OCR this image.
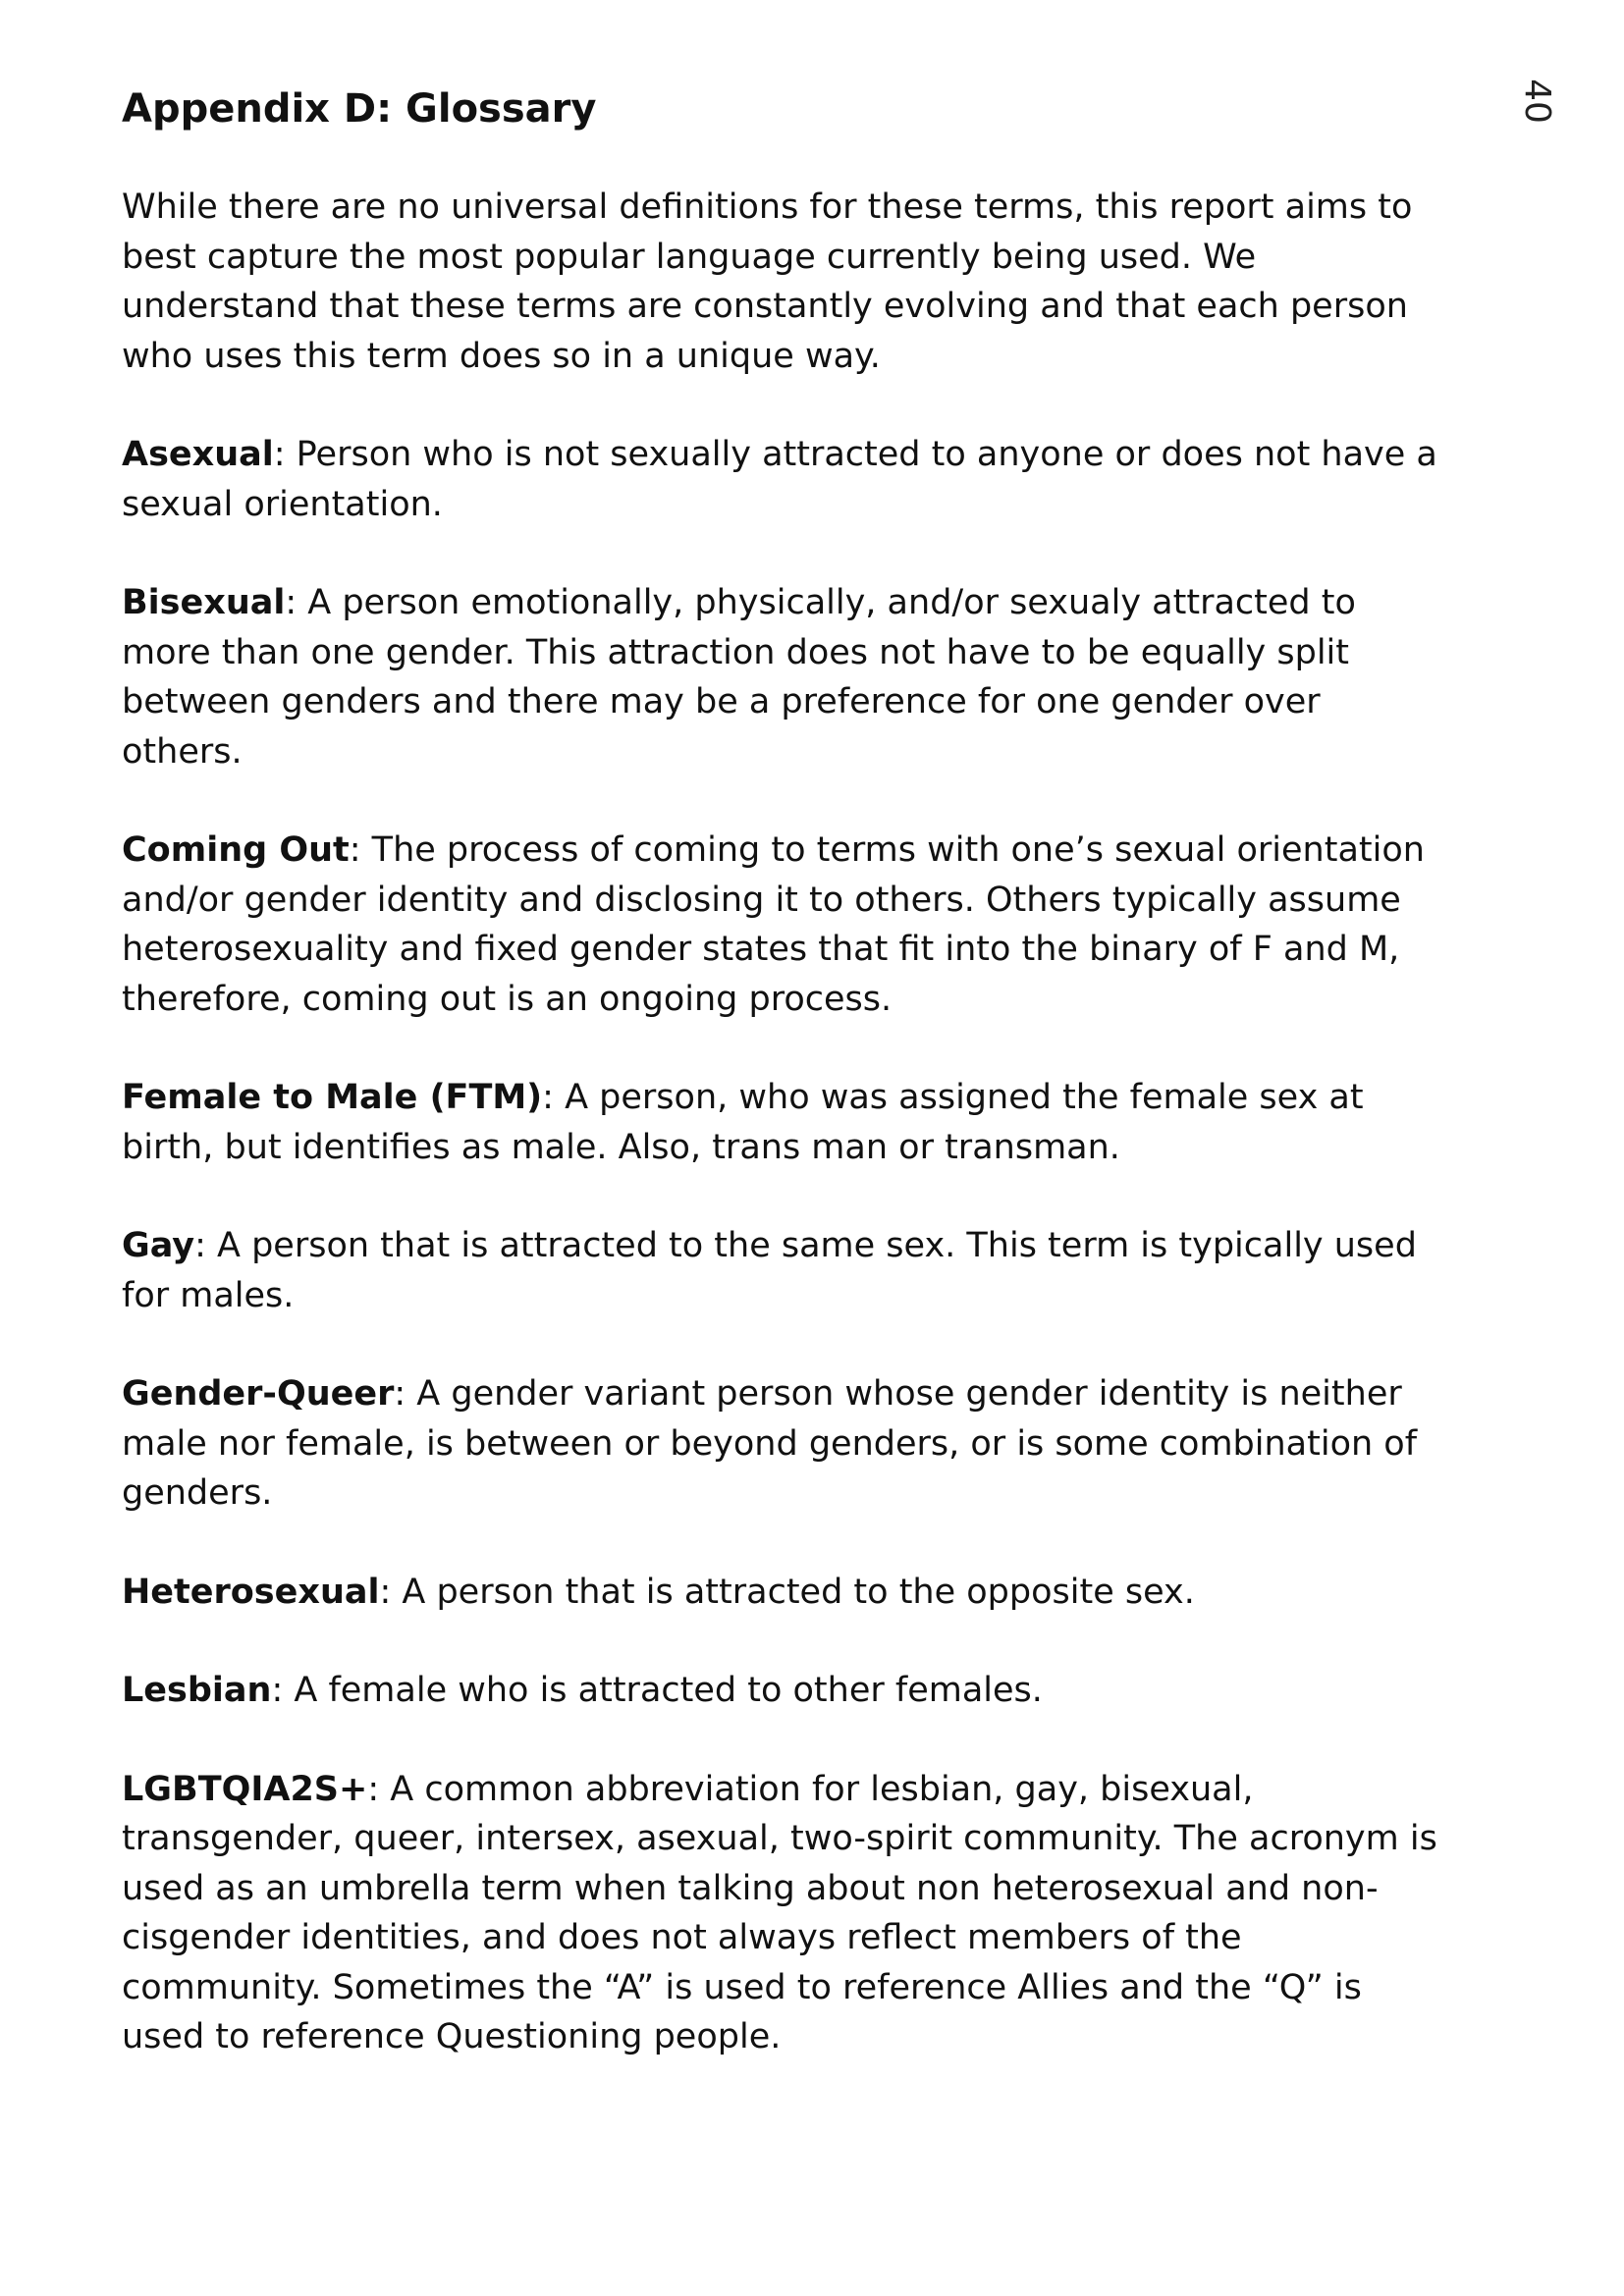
40
Appendix D: Glossary

While there are no universal definitions for these terms, this report aims to best capture the most popular language currently being used. We understand that these terms are constantly evolving and that each person who uses this term does so in a unique way.

Asexual: Person who is not sexually attracted to anyone or does not have a sexual orientation.

Bisexual: A person emotionally, physically, and/or sexualy attracted to more than one gender. This attraction does not have to be equally split between genders and there may be a preference for one gender over others.

Coming Out: The process of coming to terms with one’s sexual orientation and/or gender identity and disclosing it to others. Others typically assume heterosexuality and fixed gender states that fit into the binary of F and M, therefore, coming out is an ongoing process.

Female to Male (FTM): A person, who was assigned the female sex at birth, but identifies as male. Also, trans man or transman.

Gay: A person that is attracted to the same sex. This term is typically used for males.

Gender-Queer: A gender variant person whose gender identity is neither male nor female, is between or beyond genders, or is some combination of genders.

Heterosexual: A person that is attracted to the opposite sex.

Lesbian: A female who is attracted to other females.

LGBTQIA2S+: A common abbreviation for lesbian, gay, bisexual, transgender, queer, intersex, asexual, two-spirit community. The acronym is used as an umbrella term when talking about non heterosexual and non-cisgender identities, and does not always reflect members of the community. Sometimes the “A” is used to reference Allies and the “Q” is used to reference Questioning people.
